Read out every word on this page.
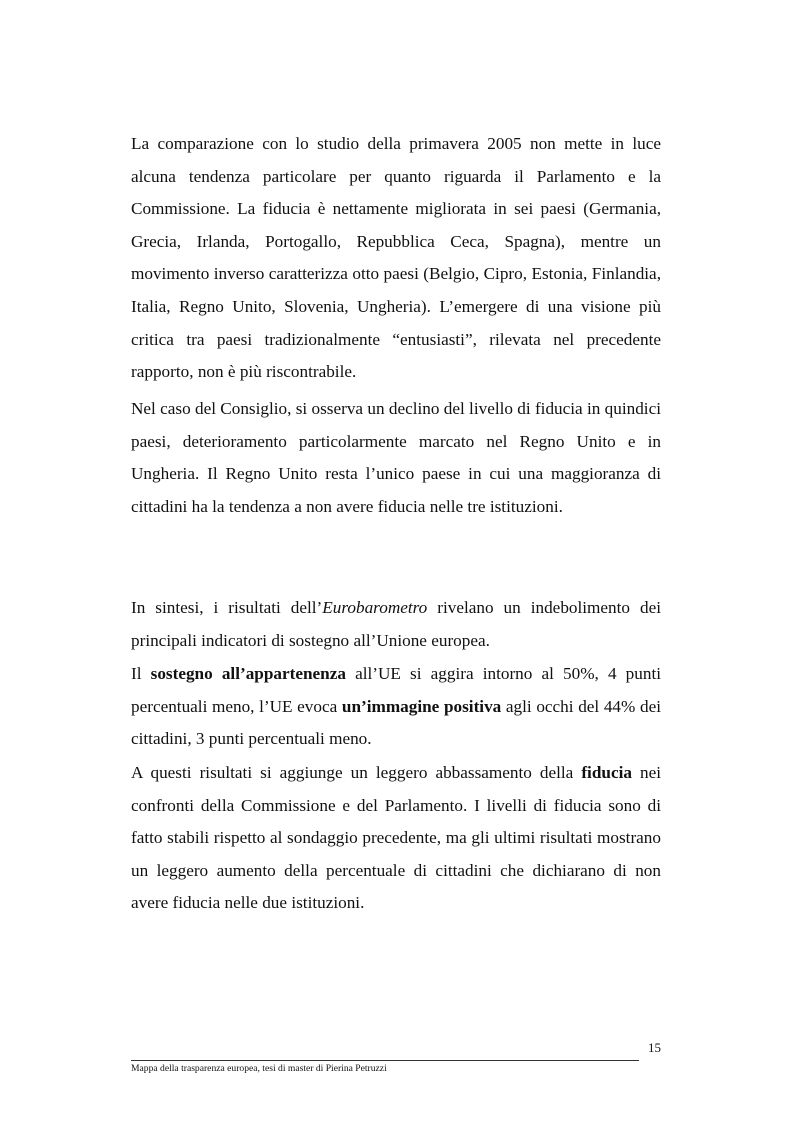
La comparazione con lo studio della primavera 2005 non mette in luce alcuna tendenza particolare per quanto riguarda il Parlamento e la Commissione. La fiducia è nettamente migliorata in sei paesi (Germania, Grecia, Irlanda, Portogallo, Repubblica Ceca, Spagna), mentre un movimento inverso caratterizza otto paesi (Belgio, Cipro, Estonia, Finlandia, Italia, Regno Unito, Slovenia, Ungheria). L’emergere di una visione più critica tra paesi tradizionalmente “entusiasti”, rilevata nel precedente rapporto, non è più riscontrabile.

Nel caso del Consiglio, si osserva un declino del livello di fiducia in quindici paesi, deterioramento particolarmente marcato nel Regno Unito e in Ungheria. Il Regno Unito resta l’unico paese in cui una maggioranza di cittadini ha la tendenza a non avere fiducia nelle tre istituzioni.

In sintesi, i risultati dell’Eurobarometro rivelano un indebolimento dei principali indicatori di sostegno all’Unione europea.

Il sostegno all’appartenenza all’UE si aggira intorno al 50%, 4 punti percentuali meno, l’UE evoca un’immagine positiva agli occhi del 44% dei cittadini, 3 punti percentuali meno.

A questi risultati si aggiunge un leggero abbassamento della fiducia nei confronti della Commissione e del Parlamento. I livelli di fiducia sono di fatto stabili rispetto al sondaggio precedente, ma gli ultimi risultati mostrano un leggero aumento della percentuale di cittadini che dichiarano di non avere fiducia nelle due istituzioni.

15
Mappa della trasparenza europea, tesi di master di Pierina Petruzzi
